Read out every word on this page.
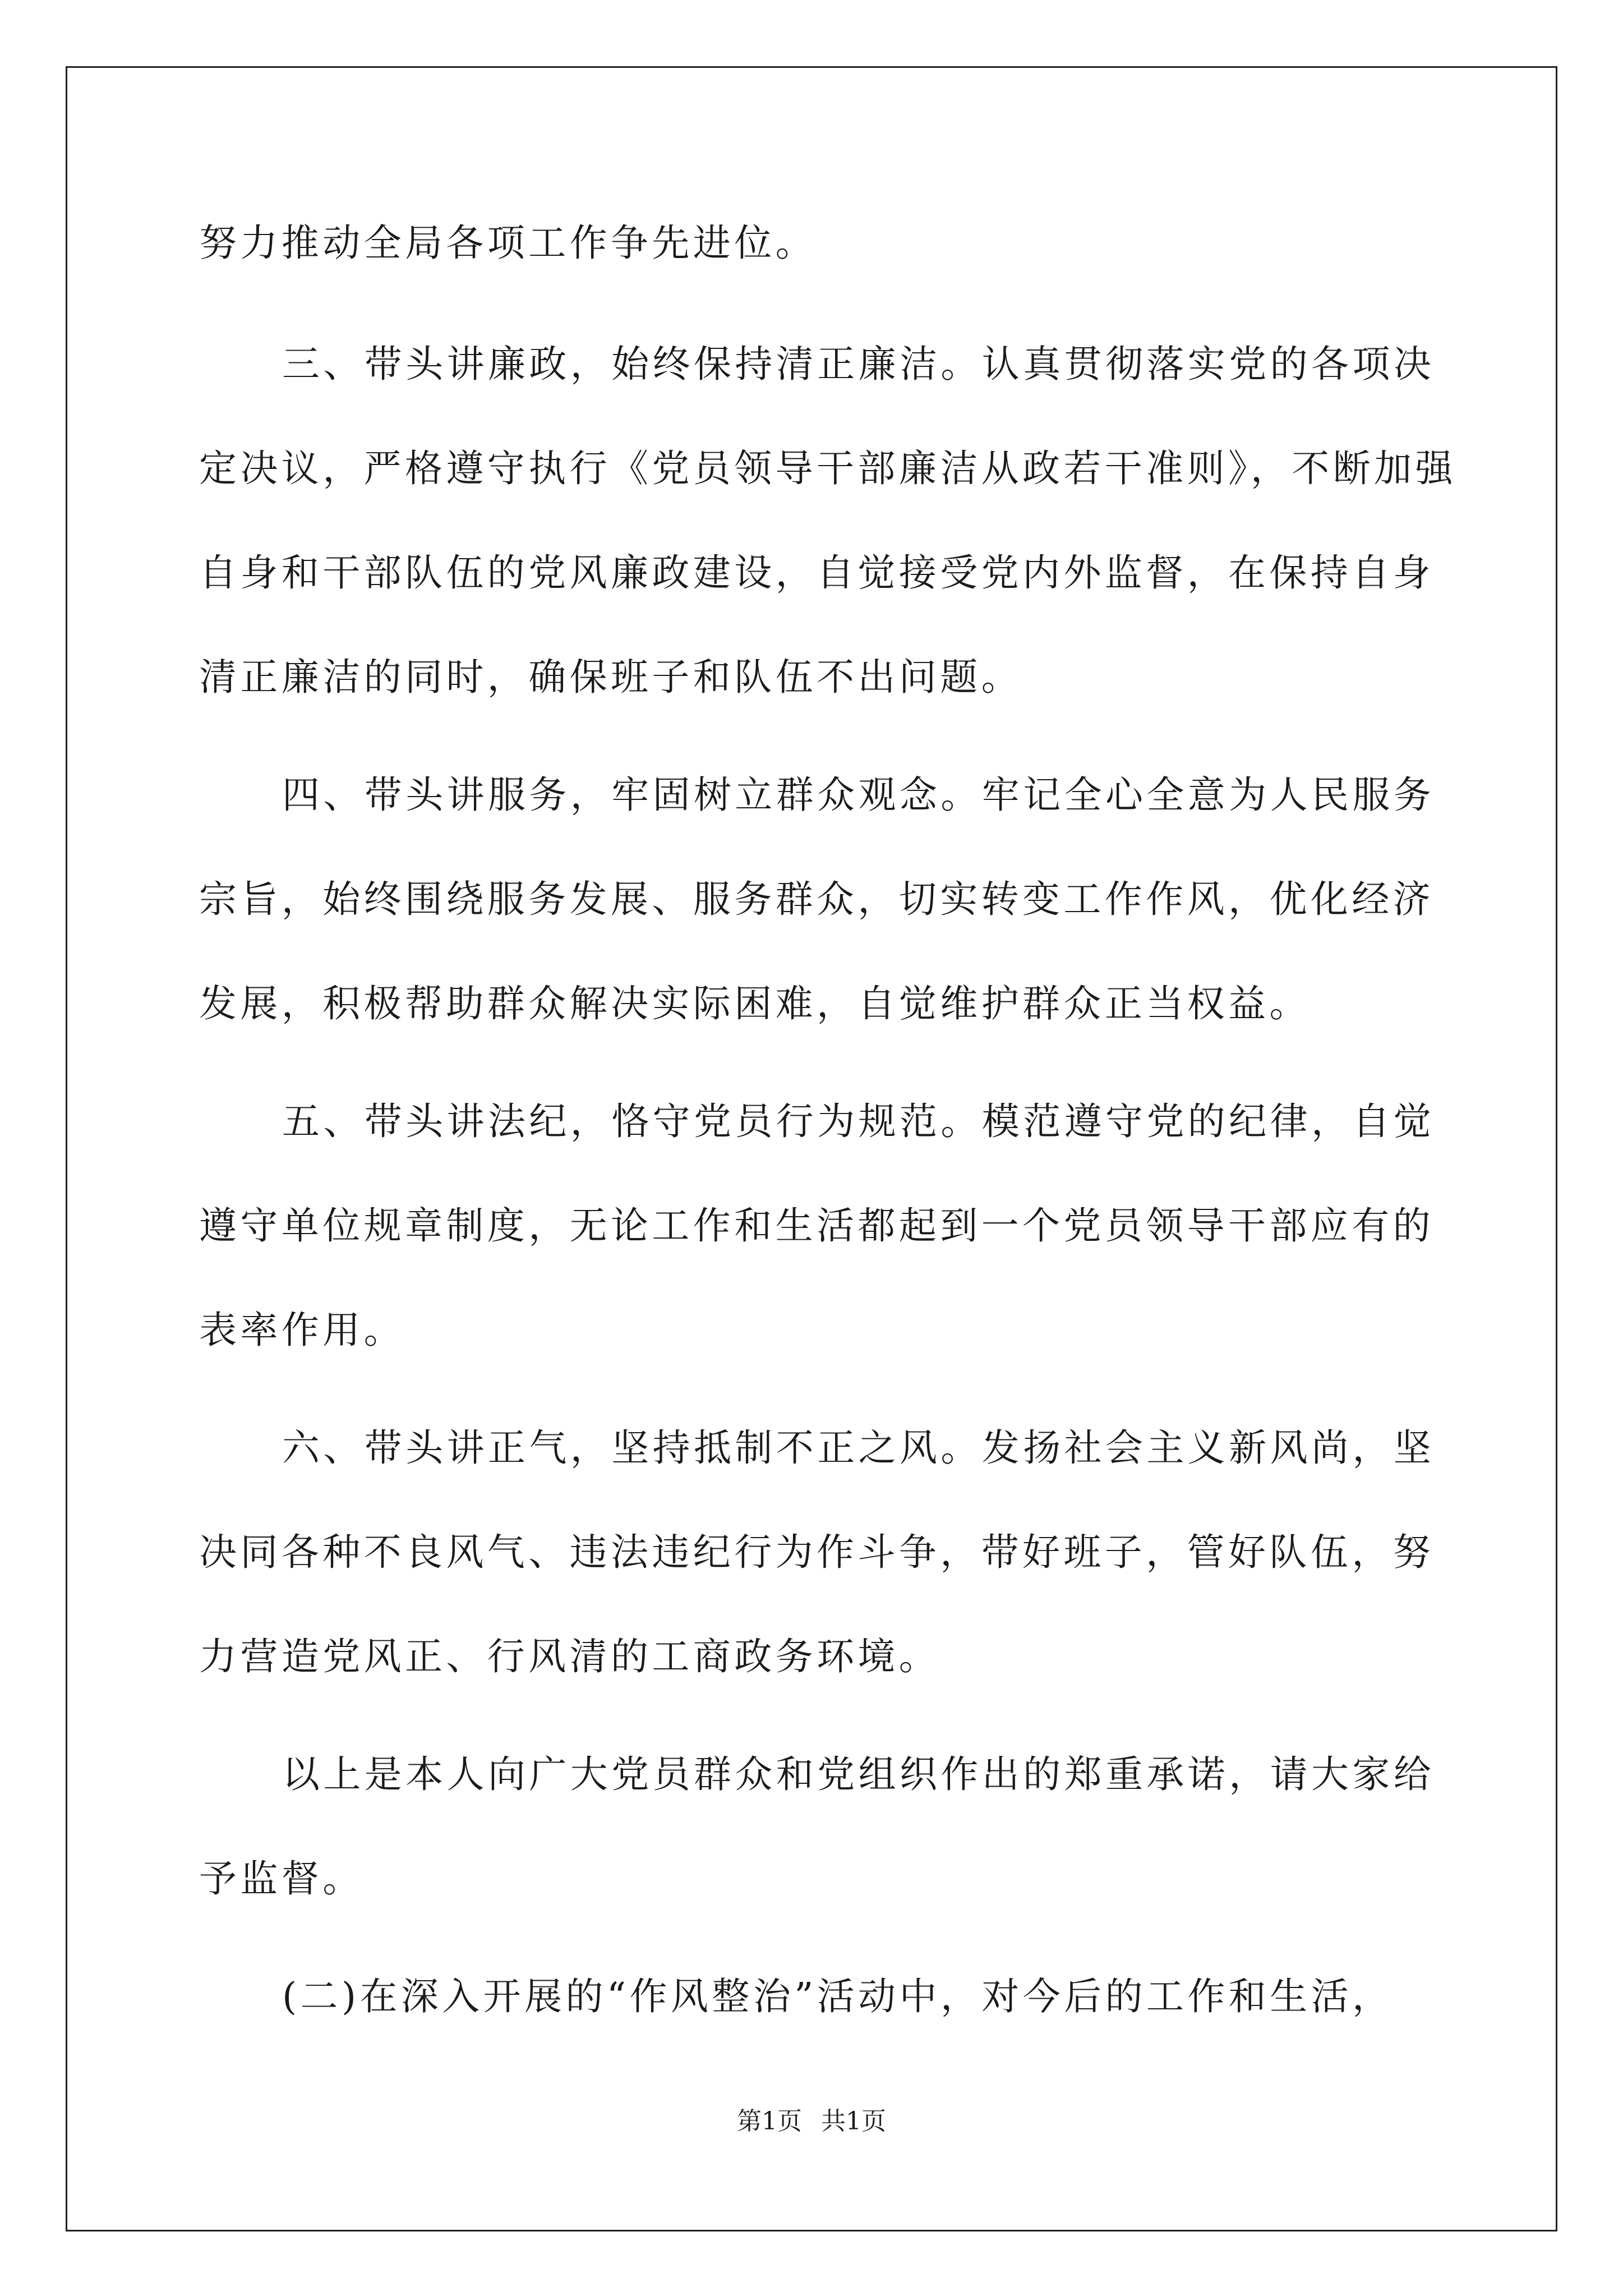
努力推动全局各项工作争先进位。
三、带头讲廉政，始终保持清正廉洁。认真贯彻落实党的各项决
定决议，严格遵守执行《党员领导干部廉洁从政若干准则》，不断加强
自身和干部队伍的党风廉政建设，自觉接受党内外监督，在保持自身
清正廉洁的同时，确保班子和队伍不出问题。
四、带头讲服务，牢固树立群众观念。牢记全心全意为人民服务
宗旨，始终围绕服务发展、服务群众，切实转变工作作风，优化经济
发展，积极帮助群众解决实际困难，自觉维护群众正当权益。
五、带头讲法纪，恪守党员行为规范。模范遵守党的纪律，自觉
遵守单位规章制度，无论工作和生活都起到一个党员领导干部应有的
表率作用。
六、带头讲正气，坚持抵制不正之风。发扬社会主义新风尚，坚
决同各种不良风气、违法违纪行为作斗争，带好班子，管好队伍，努
力营造党风正、行风清的工商政务环境。
以上是本人向广大党员群众和党组织作出的郑重承诺，请大家给
予监督。
(二)在深入开展的“作风整治”活动中，对今后的工作和生活，
第1页 共1页
